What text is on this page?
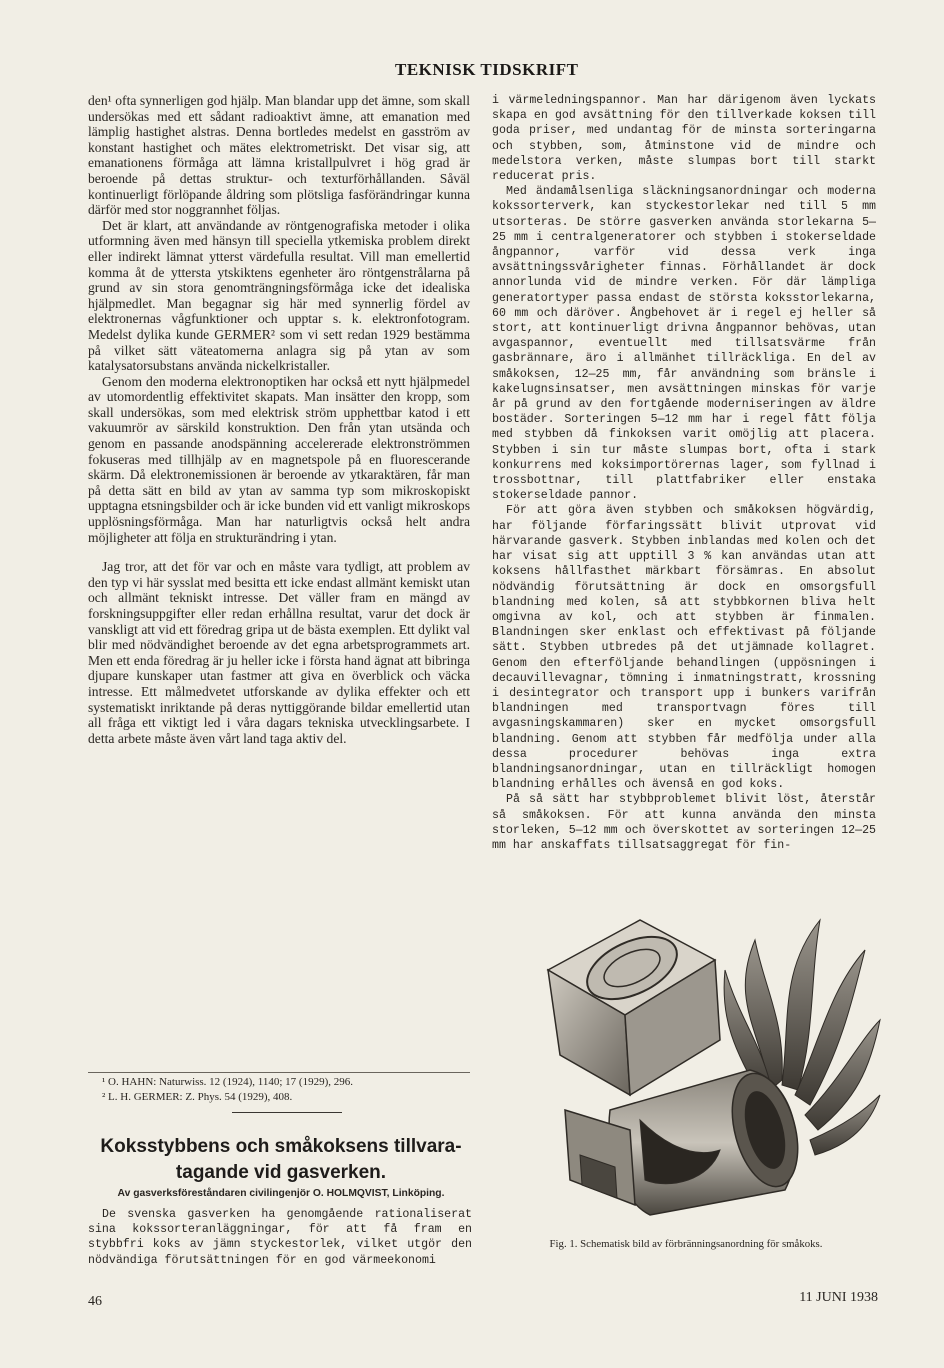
TEKNISK TIDSKRIFT

den¹ ofta synnerligen god hjälp. Man blandar upp det ämne, som skall undersökas med ett sådant radioaktivt ämne, att emanation med lämplig hastighet alstras. Denna bortledes medelst en gasström av konstant hastighet och mätes elektrometriskt. Det visar sig, att emanationens förmåga att lämna kristallpulvret i hög grad är beroende på dettas struktur- och texturförhållanden. Såväl kontinuerligt förlöpande åldring som plötsliga fasförändringar kunna därför med stor noggrannhet följas.

Det är klart, att användande av röntgenografiska metoder i olika utformning även med hänsyn till speciella ytkemiska problem direkt eller indirekt lämnat ytterst värdefulla resultat. Vill man emellertid komma åt de yttersta ytskiktens egenheter äro röntgenstrålarna på grund av sin stora genomträngningsförmåga icke det idealiska hjälpmedlet. Man begagnar sig här med synnerlig fördel av elektronernas vågfunktioner och upptar s. k. elektronfotogram. Medelst dylika kunde GERMER² som vi sett redan 1929 bestämma på vilket sätt väteatomerna anlagra sig på ytan av som katalysatorsubstans använda nickelkristaller.

Genom den moderna elektronoptiken har också ett nytt hjälpmedel av utomordentlig effektivitet skapats. Man insätter den kropp, som skall undersökas, som med elektrisk ström upphettbar katod i ett vakuumrör av särskild konstruktion. Den från ytan utsända och genom en passande anodspänning accelererade elektronströmmen fokuseras med tillhjälp av en magnetspole på en fluorescerande skärm. Då elektronemissionen är beroende av ytkaraktären, får man på detta sätt en bild av ytan av samma typ som mikroskopiskt upptagna etsningsbilder och är icke bunden vid ett vanligt mikroskops upplösningsförmåga. Man har naturligtvis också helt andra möjligheter att följa en strukturändring i ytan.

Jag tror, att det för var och en måste vara tydligt, att problem av den typ vi här sysslat med besitta ett icke endast allmänt kemiskt utan och allmänt tekniskt intresse. Det väller fram en mängd av forskningsuppgifter eller redan erhållna resultat, varur det dock är vanskligt att vid ett föredrag gripa ut de bästa exemplen. Ett dylikt val blir med nödvändighet beroende av det egna arbetsprogrammets art. Men ett enda föredrag är ju heller icke i första hand ägnat att bibringa djupare kunskaper utan fastmer att giva en överblick och väcka intresse. Ett målmedvetet utforskande av dylika effekter och ett systematiskt inriktande på deras nyttiggörande bildar emellertid utan all fråga ett viktigt led i våra dagars tekniska utvecklingsarbete. I detta arbete måste även vårt land taga aktiv del.

¹ O. HAHN: Naturwiss. 12 (1924), 1140; 17 (1929), 296.
² L. H. GERMER: Z. Phys. 54 (1929), 408.
Koksstybbens och småkoksens tillvara-
tagande vid gasverken.
Av gasverksföreståndaren civilingenjör O. HOLMQVIST, Linköping.

De svenska gasverken ha genomgående rationaliserat sina kokssorteranläggningar, för att få fram en stybbfri koks av jämn styckestorlek, vilket utgör den nödvändiga förutsättningen för en god värmeekonomi

i värmeledningspannor. Man har därigenom även lyckats skapa en god avsättning för den tillverkade koksen till goda priser, med undantag för de minsta sorteringarna och stybben, som, åtminstone vid de mindre och medelstora verken, måste slumpas bort till starkt reducerat pris.

Med ändamålsenliga släckningsanordningar och moderna kokssorterverk, kan styckestorlekar ned till 5 mm utsorteras. De större gasverken använda storlekarna 5—25 mm i centralgeneratorer och stybben i stokerseldade ångpannor, varför vid dessa verk inga avsättningssvårigheter finnas. Förhållandet är dock annorlunda vid de mindre verken. För där lämpliga generatortyper passa endast de största koksstorlekarna, 60 mm och däröver. Ångbehovet är i regel ej heller så stort, att kontinuerligt drivna ångpannor behövas, utan avgaspannor, eventuellt med tillsatsvärme från gasbrännare, äro i allmänhet tillräckliga. En del av småkoksen, 12—25 mm, får användning som bränsle i kakelugnsinsatser, men avsättningen minskas för varje år på grund av den fortgående moderniseringen av äldre bostäder. Sorteringen 5—12 mm har i regel fått följa med stybben då finkoksen varit omöjlig att placera. Stybben i sin tur måste slumpas bort, ofta i stark konkurrens med koksimportörernas lager, som fyllnad i trossbottnar, till plattfabriker eller enstaka stokerseldade pannor.

För att göra även stybben och småkoksen högvärdig, har följande förfaringssätt blivit utprovat vid härvarande gasverk. Stybben inblandas med kolen och det har visat sig att upptill 3 % kan användas utan att koksens hållfasthet märkbart försämras. En absolut nödvändig förutsättning är dock en omsorgsfull blandning med kolen, så att stybbkornen bliva helt omgivna av kol, och att stybben är finmalen. Blandningen sker enklast och effektivast på följande sätt. Stybben utbredes på det utjämnade kollagret. Genom den efterföljande behandlingen (uppösningen i decauvillevagnar, tömning i inmatningstratt, krossning i desintegrator och transport upp i bunkers varifrån blandningen med transportvagn föres till avgasningskammaren) sker en mycket omsorgsfull blandning. Genom att stybben får medfölja under alla dessa procedurer behövas inga extra blandningsanordningar, utan en tillräckligt homogen blandning erhålles och ävenså en god koks.

På så sätt har stybbproblemet blivit löst, återstår så småkoksen. För att kunna använda den minsta storleken, 5—12 mm och överskottet av sorteringen 12—25 mm har anskaffats tillsatsaggregat för fin-

Fig. 1. Schematisk bild av förbränningsanordning för småkoks.
46	11 JUNI 1938
